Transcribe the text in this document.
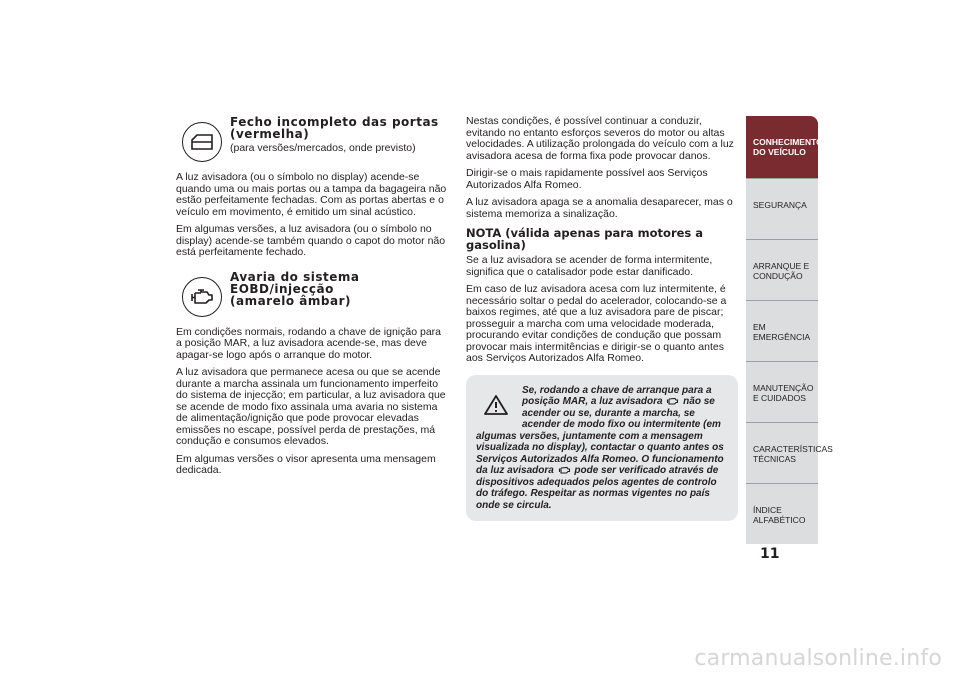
Fecho incompleto das portas (vermelha)
(para versões/mercados, onde previsto)

A luz avisadora (ou o símbolo no display) acende-se quando uma ou mais portas ou a tampa da bagageira não estão perfeitamente fechadas. Com as portas abertas e o veículo em movimento, é emitido um sinal acústico.

Em algumas versões, a luz avisadora (ou o símbolo no display) acende-se também quando o capot do motor não está perfeitamente fechado.

Avaria do sistema EOBD/injecção (amarelo âmbar)

Em condições normais, rodando a chave de ignição para a posição MAR, a luz avisadora acende-se, mas deve apagar-se logo após o arranque do motor.

A luz avisadora que permanece acesa ou que se acende durante a marcha assinala um funcionamento imperfeito do sistema de injecção; em particular, a luz avisadora que se acende de modo fixo assinala uma avaria no sistema de alimentação/ignição que pode provocar elevadas emissões no escape, possível perda de prestações, má condução e consumos elevados.

Em algumas versões o visor apresenta uma mensagem dedicada.

Nestas condições, é possível continuar a conduzir, evitando no entanto esforços severos do motor ou altas velocidades. A utilização prolongada do veículo com a luz avisadora acesa de forma fixa pode provocar danos.

Dirigir-se o mais rapidamente possível aos Serviços Autorizados Alfa Romeo.

A luz avisadora apaga se a anomalia desaparecer, mas o sistema memoriza a sinalização.

NOTA (válida apenas para motores a gasolina)

Se a luz avisadora se acender de forma intermitente, significa que o catalisador pode estar danificado.

Em caso de luz avisadora acesa com luz intermitente, é necessário soltar o pedal do acelerador, colocando-se a baixos regimes, até que a luz avisadora pare de piscar; prosseguir a marcha com uma velocidade moderada, procurando evitar condições de condução que possam provocar mais intermitências e dirigir-se o quanto antes aos Serviços Autorizados Alfa Romeo.

Se, rodando a chave de arranque para a posição MAR, a luz avisadora não se acender ou se, durante a marcha, se acender de modo fixo ou intermitente (em algumas versões, juntamente com a mensagem visualizada no display), contactar o quanto antes os Serviços Autorizados Alfa Romeo. O funcionamento da luz avisadora pode ser verificado através de dispositivos adequados pelos agentes de controlo do tráfego. Respeitar as normas vigentes no país onde se circula.
CONHECIMENTO DO VEÍCULO
SEGURANÇA
ARRANQUE E CONDUÇÃO
EM EMERGÊNCIA
MANUTENÇÃO E CUIDADOS
CARACTERÍSTICAS TÉCNICAS
ÍNDICE ALFABÉTICO
11
carmanualsonline.info
